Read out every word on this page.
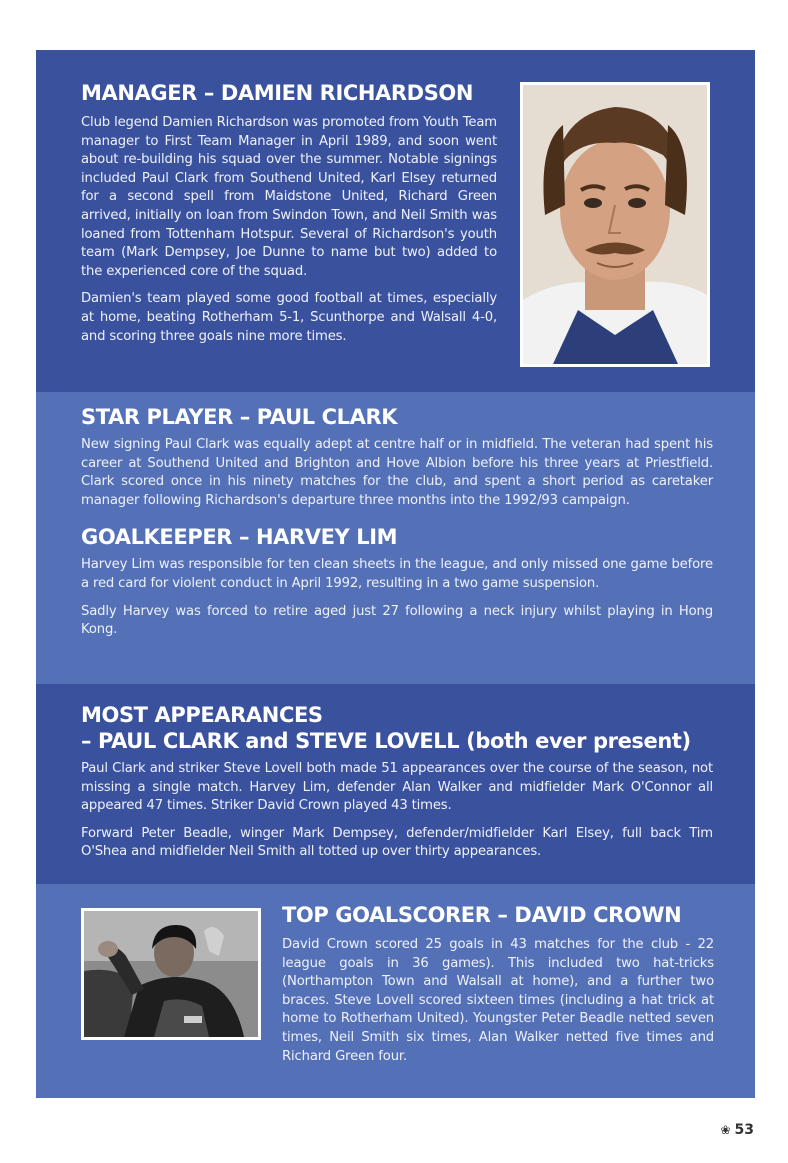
MANAGER – DAMIEN RICHARDSON

Club legend Damien Richardson was promoted from Youth Team manager to First Team Manager in April 1989, and soon went about re-building his squad over the summer. Notable signings included Paul Clark from Southend United, Karl Elsey returned for a second spell from Maidstone United, Richard Green arrived, initially on loan from Swindon Town, and Neil Smith was loaned from Tottenham Hotspur. Several of Richardson's youth team (Mark Dempsey, Joe Dunne to name but two) added to the experienced core of the squad.

Damien's team played some good football at times, especially at home, beating Rotherham 5-1, Scunthorpe and Walsall 4-0, and scoring three goals nine more times.

STAR PLAYER – PAUL CLARK

New signing Paul Clark was equally adept at centre half or in midfield. The veteran had spent his career at Southend United and Brighton and Hove Albion before his three years at Priestfield. Clark scored once in his ninety matches for the club, and spent a short period as caretaker manager following Richardson's departure three months into the 1992/93 campaign.

GOALKEEPER – HARVEY LIM

Harvey Lim was responsible for ten clean sheets in the league, and only missed one game before a red card for violent conduct in April 1992, resulting in a two game suspension.

Sadly Harvey was forced to retire aged just 27 following a neck injury whilst playing in Hong Kong.

MOST APPEARANCES
– PAUL CLARK and STEVE LOVELL (both ever present)

Paul Clark and striker Steve Lovell both made 51 appearances over the course of the season, not missing a single match. Harvey Lim, defender Alan Walker and midfielder Mark O'Connor all appeared 47 times. Striker David Crown played 43 times.

Forward Peter Beadle, winger Mark Dempsey, defender/midfielder Karl Elsey, full back Tim O'Shea and midfielder Neil Smith all totted up over thirty appearances.

TOP GOALSCORER – DAVID CROWN

David Crown scored 25 goals in 43 matches for the club - 22 league goals in 36 games). This included two hat-tricks (Northampton Town and Walsall at home), and a further two braces. Steve Lovell scored sixteen times (including a hat trick at home to Rotherham United). Youngster Peter Beadle netted seven times, Neil Smith six times, Alan Walker netted five times and Richard Green four.

❀ 53
